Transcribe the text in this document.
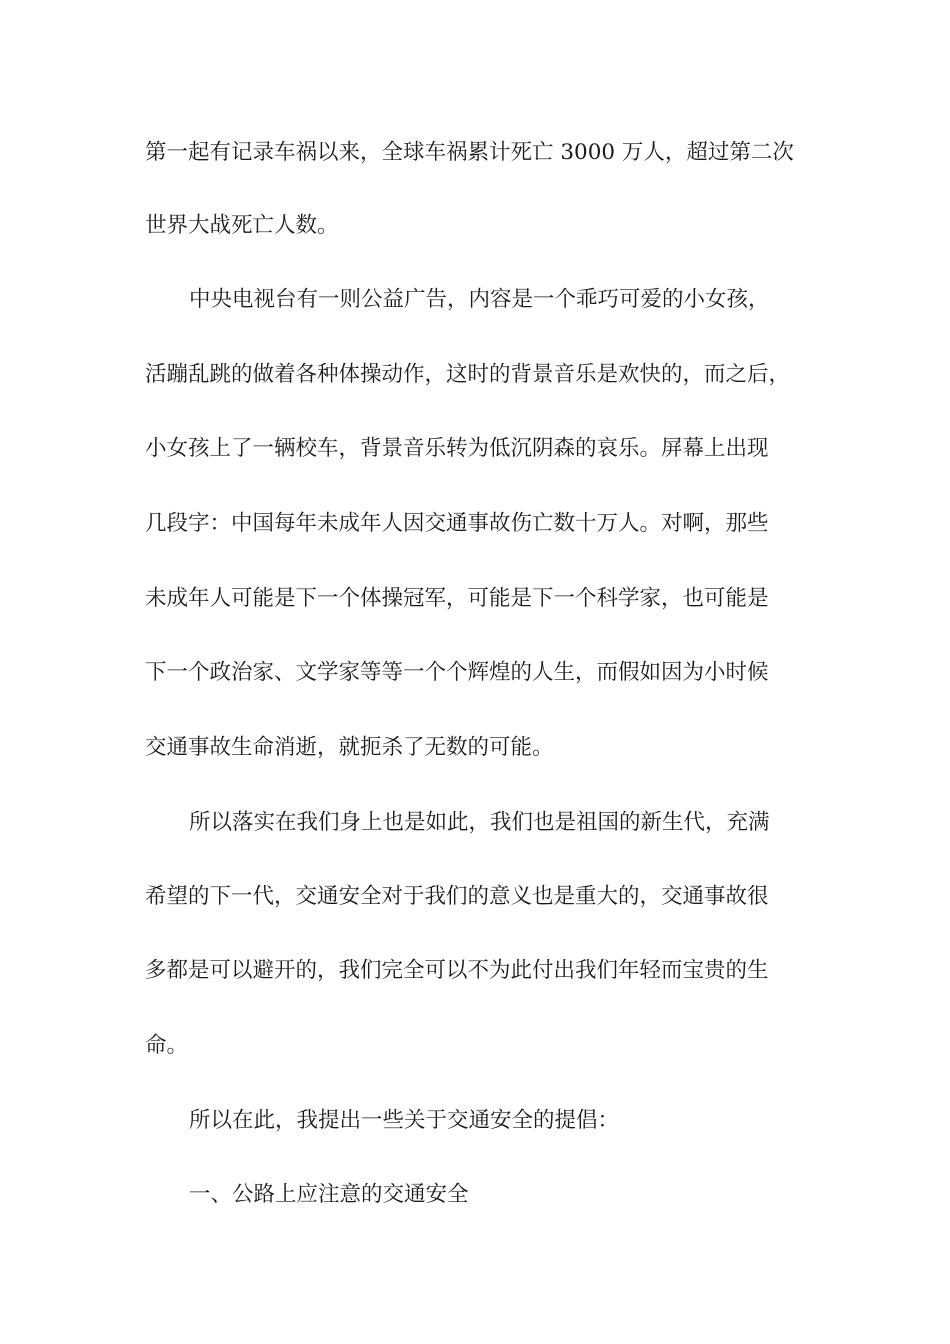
第一起有记录车祸以来，全球车祸累计死亡 3000 万人，超过第二次
世界大战死亡人数。
中央电视台有一则公益广告，内容是一个乖巧可爱的小女孩，
活蹦乱跳的做着各种体操动作，这时的背景音乐是欢快的，而之后，
小女孩上了一辆校车，背景音乐转为低沉阴森的哀乐。屏幕上出现
几段字：中国每年未成年人因交通事故伤亡数十万人。对啊，那些
未成年人可能是下一个体操冠军，可能是下一个科学家，也可能是
下一个政治家、文学家等等一个个辉煌的人生，而假如因为小时候
交通事故生命消逝，就扼杀了无数的可能。
所以落实在我们身上也是如此，我们也是祖国的新生代，充满
希望的下一代，交通安全对于我们的意义也是重大的，交通事故很
多都是可以避开的，我们完全可以不为此付出我们年轻而宝贵的生
命。
所以在此，我提出一些关于交通安全的提倡：
一、公路上应注意的交通安全
